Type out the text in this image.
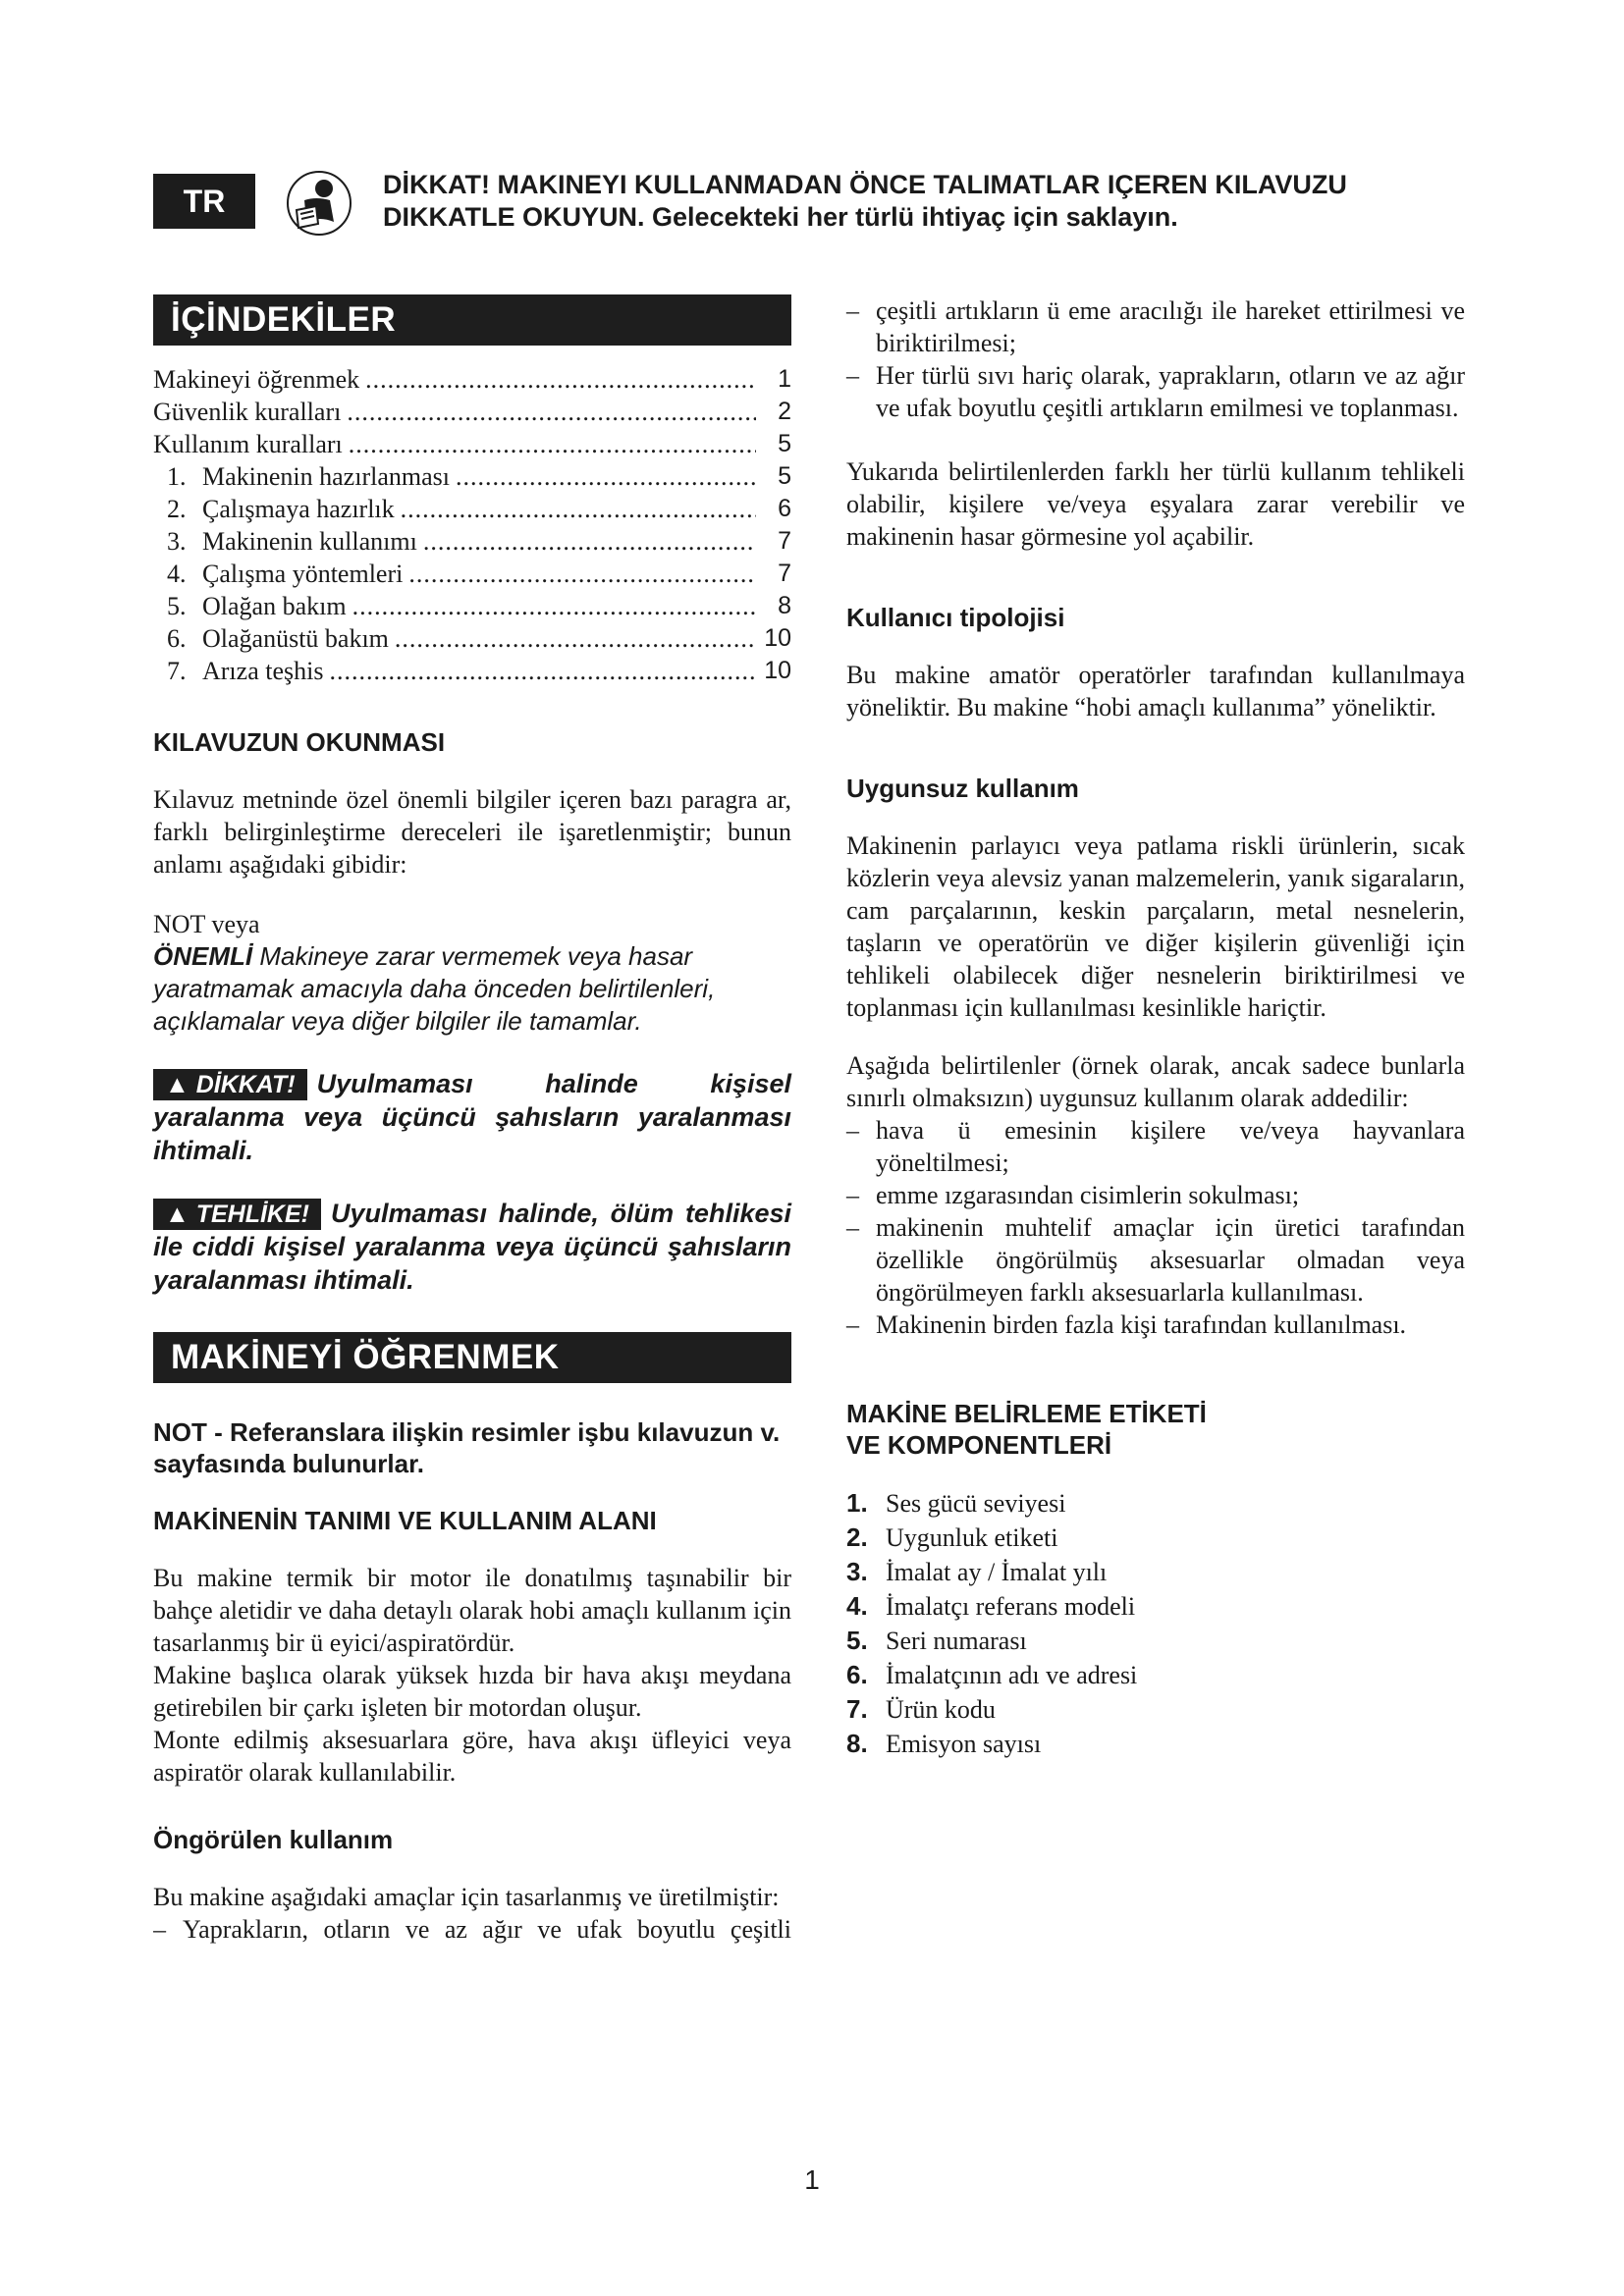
TR	DİKKAT! MAKINEYI KULLANMADAN ÖNCE TALIMATLAR IÇEREN KILAVUZU
DIKKATLE OKUYUN. Gelecekteki her türlü ihtiyaç için saklayın.
İÇİNDEKİLER
Makineyi öğrenmek .....	1
Güvenlik kuralları .....	2
Kullanım kuralları .....	5
1. Makinenin hazırlanması .....	5
2. Çalışmaya hazırlık .....	6
3. Makinenin kullanımı .....	7
4. Çalışma yöntemleri .....	7
5. Olağan bakım .....	8
6. Olağanüstü bakım .....	10
7. Arıza teşhis .....	10
KILAVUZUN OKUNMASI

Kılavuz metninde özel önemli bilgiler içeren bazı paragra ar, farklı belirginleştirme dereceleri ile işaretlenmiştir; bunun anlamı aşağıdaki gibidir:

NOT veya

ÖNEMLİ Makineye zarar vermemek veya hasar yaratmamak amacıyla daha önceden belirtilenleri, açıklamalar veya diğer bilgiler ile tamamlar.
▲ DİKKAT! Uyulmaması halinde kişisel yaralanma veya üçüncü şahısların yaralanması ihtimali.
▲ TEHLİKE! Uyulmaması halinde, ölüm tehlikesi ile ciddi kişisel yaralanma veya üçüncü şahısların yaralanması ihtimali.
MAKİNEYİ ÖĞRENMEK
NOT - Referanslara ilişkin resimler işbu kılavuzun v. sayfasında bulunurlar.
MAKİNENİN TANIMI VE KULLANIM ALANI

Bu makine termik bir motor ile donatılmış taşınabilir bir bahçe aletidir ve daha detaylı olarak hobi amaçlı kullanım için tasarlanmış bir ü eyici/aspiratördür.

Makine başlıca olarak yüksek hızda bir hava akışı meydana getirebilen bir çarkı işleten bir motordan oluşur.

Monte edilmiş aksesuarlara göre, hava akışı üfleyici veya aspiratör olarak kullanılabilir.

Öngörülen kullanım

Bu makine aşağıdaki amaçlar için tasarlanmış ve üretilmiştir:

– Yaprakların, otların ve az ağır ve ufak boyutlu çeşitli
– çeşitli artıkların ü eme aracılığı ile hareket ettirilmesi ve biriktirilmesi;
– Her türlü sıvı hariç olarak, yaprakların, otların ve az ağır ve ufak boyutlu çeşitli artıkların emilmesi ve toplanması.

Yukarıda belirtilenlerden farklı her türlü kullanım tehlikeli olabilir, kişilere ve/veya eşyalara zarar verebilir ve makinenin hasar görmesine yol açabilir.

Kullanıcı tipolojisi

Bu makine amatör operatörler tarafından kullanılmaya yöneliktir. Bu makine “hobi amaçlı kullanıma” yöneliktir.

Uygunsuz kullanım

Makinenin parlayıcı veya patlama riskli ürünlerin, sıcak közlerin veya alevsiz yanan malzemelerin, yanık sigaraların, cam parçalarının, keskin parçaların, metal nesnelerin, taşların ve operatörün ve diğer kişilerin güvenliği için tehlikeli olabilecek diğer nesnelerin biriktirilmesi ve toplanması için kullanılması kesinlikle hariçtir.

Aşağıda belirtilenler (örnek olarak, ancak sadece bunlarla sınırlı olmaksızın) uygunsuz kullanım olarak addedilir:

– hava ü emesinin kişilere ve/veya hayvanlara yöneltilmesi;
– emme ızgarasından cisimlerin sokulması;
– makinenin muhtelif amaçlar için üretici tarafından özellikle öngörülmüş aksesuarlar olmadan veya öngörülmeyen farklı aksesuarlarla kullanılması.
– Makinenin birden fazla kişi tarafından kullanılması.
MAKİNE BELİRLEME ETİKETİ
VE KOMPONENTLERİ
1. Ses gücü seviyesi
2. Uygunluk etiketi
3. İmalat ay / İmalat yılı
4. İmalatçı referans modeli
5. Seri numarası
6. İmalatçının adı ve adresi
7. Ürün kodu
8. Emisyon sayısı
1
